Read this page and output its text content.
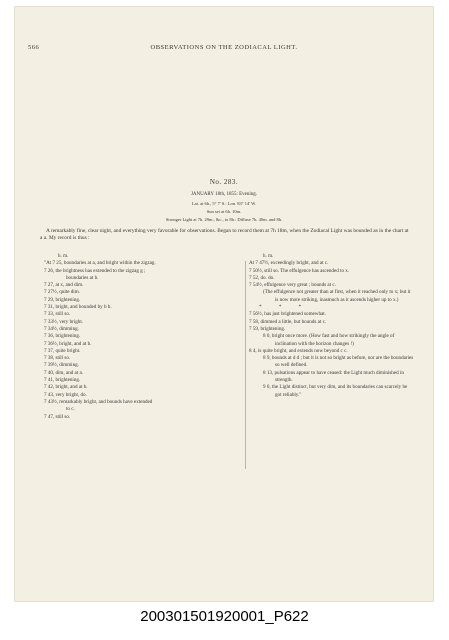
566	OBSERVATIONS ON THE ZODIACAL LIGHT.
No. 283.
JANUARY 18th, 1855: Evening.
Lat. at 6h., 5° 7' S.: Lon. 83° 14' W.
Sun set at 6h. 10m.
Stronger Light at 7h. 29m., &c., to 8h.: Diffuse 7h. 40m. and 8h.
A remarkably fine, clear night, and everything very favorable for observations. Began to record them at 7h 18m, when the Zodiacal Light was bounded as in the chart at a a. My record is thus :
h. m.
"At 7 25, boundaries at a, and bright within the zigzag.
7 26, the brightness has extended to the zigzag g ;
boundaries at b.
7 27, at x, and dim.
7 27½, quite dim.
7 29, brightening.
7 31, bright, and bounded by b b.
7 33, still so.
7 33½, very bright.
7 34½, dimming.
7 36, brightening.
7 36½, bright, and at b.
7 37, quite bright.
7 38, still so.
7 39½, dimming.
7 40, dim, and at a.
7 41, brightening.
7 42, bright, and at b.
7 43, very bright, do.
7 43½, remarkably bright, and bounds have extended
to c.
7 47, still so.
h. m.
At 7 47½, exceedingly bright, and at c.
7 50½, still so. The effulgence has ascended to x.
7 52, do. do.
7 54½, effulgence very great ; bounds at c.
(The effulgence not greater than at first, when it reached only to x; but it is now more striking, inasmuch as it ascends higher up to x.)
* * *
7 56½, has just brightened somewhat.
7 58, dimmed a little, but bounds at c.
7 59, brightening.
8 0, bright once more. (How fast and how strikingly the angle of inclination with the horizon changes !)
8 4, is quite bright, and extends now beyond c c.
8 9, bounds at d d ; but it is not so bright as before, nor are the boundaries so well defined.
8 13, pulsations appear to have ceased: the Light much diminished in strength.
9 0, the Light distinct, but very dim, and its boundaries can scarcely be got reliably."
200301501920001_P622
